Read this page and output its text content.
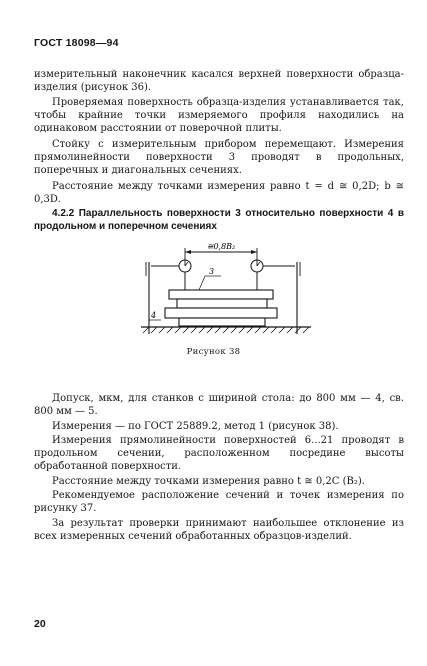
ГОСТ 18098—94
измерительный наконечник касался верхней поверхности образца-изделия (рисунок 36).
Проверяемая поверхность образца-изделия устанавливается так, чтобы крайние точки измеряемого профиля находились на одинаковом расстоянии от поверочной плиты.
Стойку с измерительным прибором перемещают. Измерения прямолинейности поверхности 3 проводят в продольных, поперечных и диагональных сечениях.
Расстояние между точками измерения равно t = d ≅ 0,2D; b ≅ 0,3D.
4.2.2 Параллельность поверхности 3 относительно поверхности 4 в продольном и поперечном сечениях
≅0,8B₂
3
4
Рисунок 38
Допуск, мкм, для станков с шириной стола: до 800 мм — 4, св. 800 мм — 5.
Измерения — по ГОСТ 25889.2, метод 1 (рисунок 38).
Измерения прямолинейности поверхностей 6...21 проводят в продольном сечении, расположенном посредине высоты обработанной поверхности.
Расстояние между точками измерения равно t ≅ 0,2C (B₂).
Рекомендуемое расположение сечений и точек измерения по рисунку 37.
За результат проверки принимают наибольшее отклонение из всех измеренных сечений обработанных образцов-изделий.
20
